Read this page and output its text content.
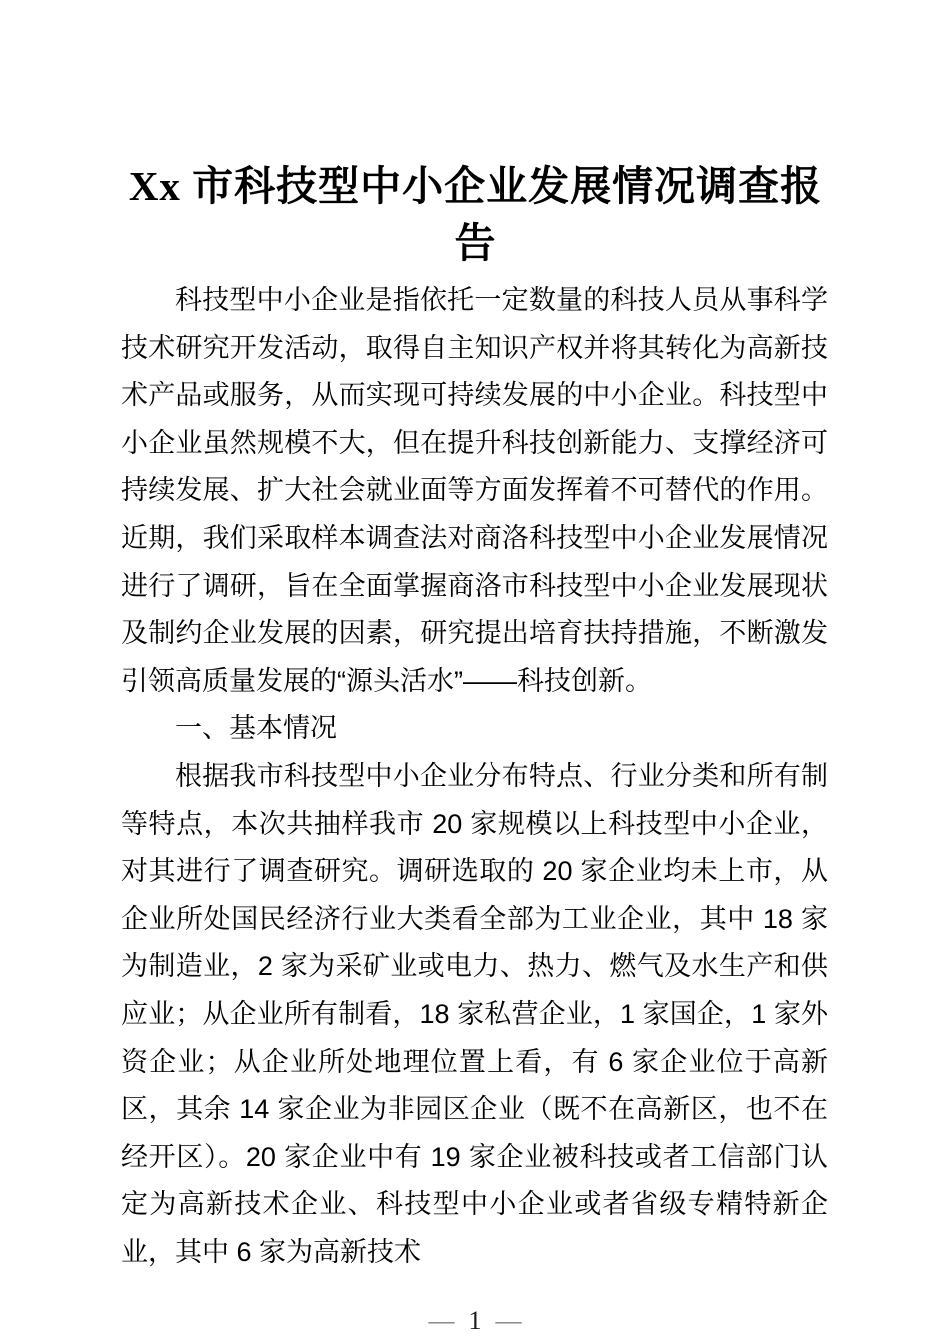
Xx 市科技型中小企业发展情况调查报告

科技型中小企业是指依托一定数量的科技人员从事科学技术研究开发活动，取得自主知识产权并将其转化为高新技术产品或服务，从而实现可持续发展的中小企业。科技型中小企业虽然规模不大，但在提升科技创新能力、支撑经济可持续发展、扩大社会就业面等方面发挥着不可替代的作用。近期，我们采取样本调查法对商洛科技型中小企业发展情况进行了调研，旨在全面掌握商洛市科技型中小企业发展现状及制约企业发展的因素，研究提出培育扶持措施，不断激发引领高质量发展的“源头活水”——科技创新。

一、基本情况

根据我市科技型中小企业分布特点、行业分类和所有制等特点，本次共抽样我市 20 家规模以上科技型中小企业，对其进行了调查研究。调研选取的 20 家企业均未上市，从企业所处国民经济行业大类看全部为工业企业，其中 18 家为制造业，2 家为采矿业或电力、热力、燃气及水生产和供应业；从企业所有制看，18 家私营企业，1 家国企，1 家外资企业；从企业所处地理位置上看，有 6 家企业位于高新区，其余 14 家企业为非园区企业（既不在高新区，也不在经开区）。20 家企业中有 19 家企业被科技或者工信部门认定为高新技术企业、科技型中小企业或者省级专精特新企业，其中 6 家为高新技术

— 1 —
